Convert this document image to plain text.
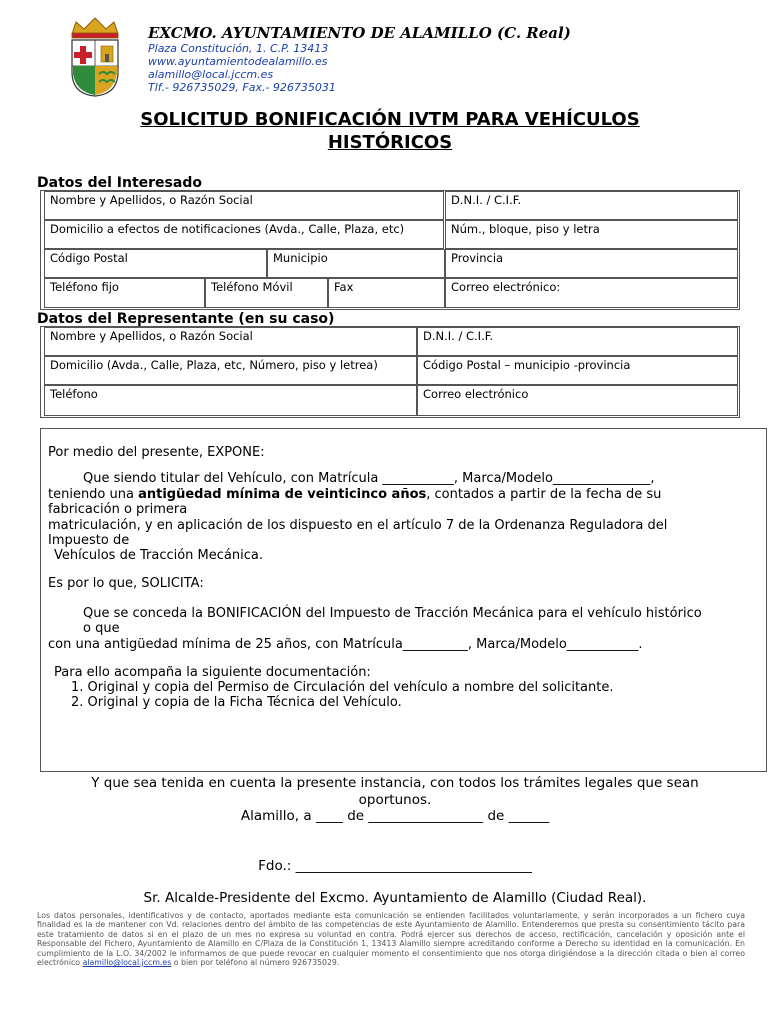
EXCMO. AYUNTAMIENTO DE ALAMILLO (C. Real)
Plaza Constitución, 1. C.P. 13413
www.ayuntamientodealamillo.es
alamillo@local.jccm.es
Tlf.- 926735029, Fax.- 926735031
SOLICITUD BONIFICACIÓN IVTM PARA VEHÍCULOS
HISTÓRICOS
Datos del Interesado
Nombre y Apellidos, o Razón Social	D.N.I. / C.I.F.
Domicilio a efectos de notificaciones (Avda., Calle, Plaza, etc)	Núm., bloque, piso y letra
Código Postal	Municipio	Provincia
Teléfono fijo	Teléfono Móvil	Fax	Correo electrónico:
Datos del Representante (en su caso)
Nombre y Apellidos, o Razón Social	D.N.I. / C.I.F.
Domicilio (Avda., Calle, Plaza, etc, Número, piso y letrea)	Código Postal – municipio -provincia
Teléfono	Correo electrónico
Por medio del presente, EXPONE:
Que siendo titular del Vehículo, con Matrícula ___________, Marca/Modelo_______________,
teniendo una antigüedad mínima de veinticinco años, contados a partir de la fecha de su
fabricación o primera
matriculación, y en aplicación de los dispuesto en el artículo 7 de la Ordenanza Reguladora del
Impuesto de
Vehículos de Tracción Mecánica.
Es por lo que, SOLICITA:
Que se conceda la BONIFICACIÓN del Impuesto de Tracción Mecánica para el vehículo histórico
o que
con una antigüedad mínima de 25 años, con Matrícula__________, Marca/Modelo___________.
Para ello acompaña la siguiente documentación:
1. Original y copia del Permiso de Circulación del vehículo a nombre del solicitante.
2. Original y copia de la Ficha Técnica del Vehículo.
Y que sea tenida en cuenta la presente instancia, con todos los trámites legales que sean
oportunos.
Alamillo, a ____ de _________________ de ______
Fdo.: ___________________________________
Sr. Alcalde-Presidente del Excmo. Ayuntamiento de Alamillo (Ciudad Real).
Los datos personales, identificativos y de contacto, aportados mediante esta comunicación se entienden facilitados voluntariamente, y serán incorporados a un fichero cuya finalidad es la de mantener con Vd. relaciones dentro del ámbito de las competencias de este Ayuntamiento de Alamillo. Entenderemos que presta su consentimiento tácito para este tratamiento de datos si en el plazo de un mes no expresa su voluntad en contra. Podrá ejercer sus derechos de acceso, rectificación, cancelación y oposición ante el Responsable del Fichero, Ayuntamiento de Alamillo en C/Plaza de la Constitución 1, 13413 Alamillo siempre acreditando conforme a Derecho su identidad en la comunicación. En cumplimiento de la L.O. 34/2002 le informamos de que puede revocar en cualquier momento el consentimiento que nos otorga dirigiéndose a la dirección citada o bien al correo electrónico alamillo@local.jccm.es o bien por teléfono al número 926735029.
